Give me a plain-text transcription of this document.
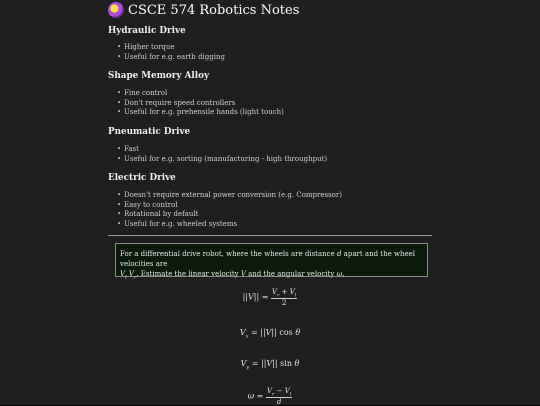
CSCE 574 Robotics Notes
Hydraulic Drive
• Higher torque
• Useful for e.g. earth digging
Shape Memory Alloy
• Fine control
• Don't require speed controllers
• Useful for e.g. prehensile hands (light touch)
Pneumatic Drive
• Fast
• Useful for e.g. sorting (manufacturing - high throughput)
Electric Drive
• Doesn't require external power conversion (e.g. Compressor)
• Easy to control
• Rotational by default
• Useful for e.g. wheeled systems
For a differential drive robot, where the wheels are distance d apart and the wheel velocities are
$V_l$ $V_r$. Estimate the linear velocity V and the angular velocity ω.
$||V|| = \frac{V_r + V_l}{2}$
$V_x = ||V||$ cos θ
$V_y = ||V||$ sin θ
$\omega = \frac{V_r - V_l}{d}$
